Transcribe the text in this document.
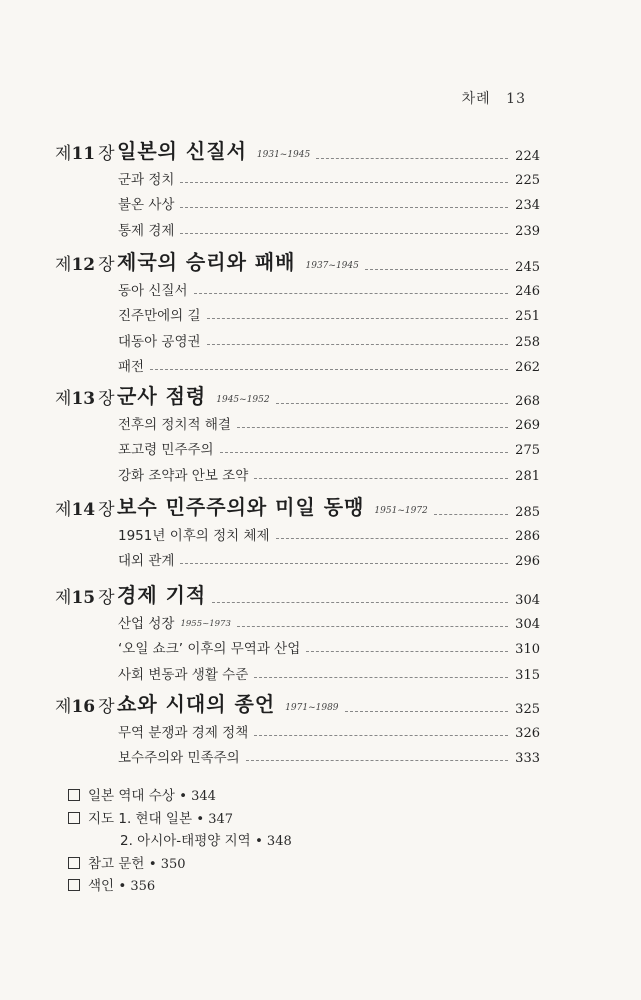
차례 13
제11 장 일본의 신질서 1931~1945	224
군과 정치	225
불온 사상	234
통제 경제	239
제12 장 제국의 승리와 패배 1937~1945	245
동아 신질서	246
진주만에의 길	251
대동아 공영권	258
패전	262
제13 장 군사 점령 1945~1952	268
전후의 정치적 해결	269
포고령 민주주의	275
강화 조약과 안보 조약	281
제14 장 보수 민주주의와 미일 동맹 1951~1972	285
1951년 이후의 정치 체제	286
대외 관계	296
제15 장 경제 기적	304
산업 성장 1955~1973	304
‘오일 쇼크’ 이후의 무역과 산업	310
사회 변동과 생활 수준	315
제16 장 쇼와 시대의 종언 1971~1989	325
무역 분쟁과 경제 정책	326
보수주의와 민족주의	333
일본 역대 수상 • 344
지도 1. 현대 일본 • 347
2. 아시아-태평양 지역 • 348
참고 문헌 • 350
색인 • 356
